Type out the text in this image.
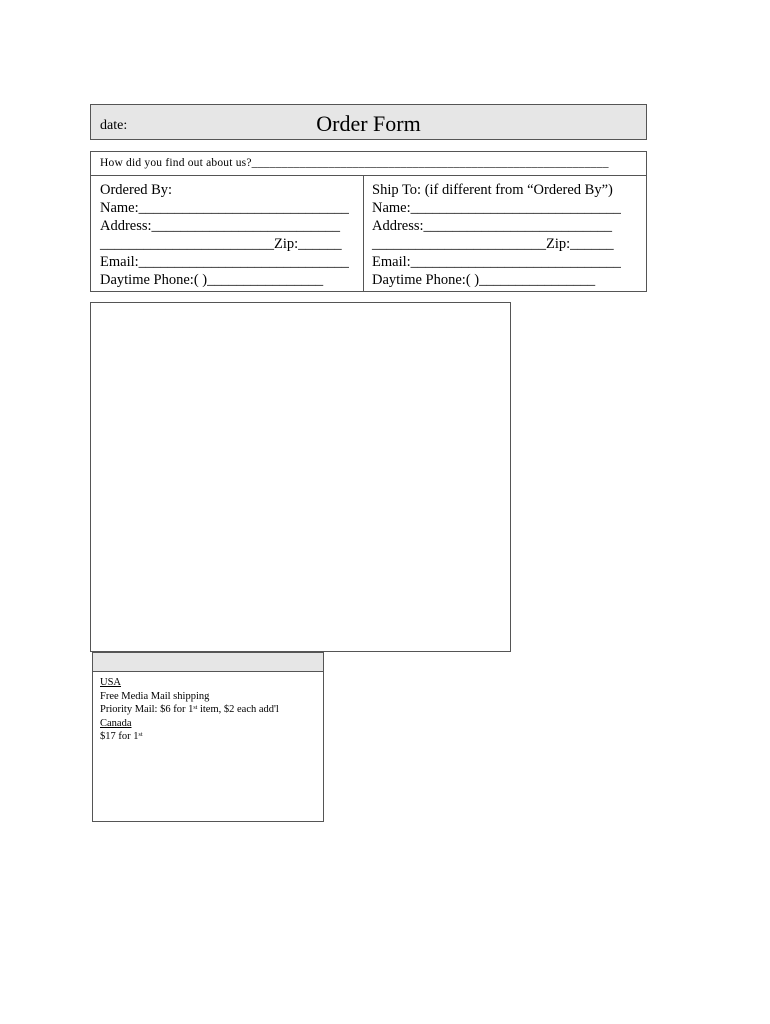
date:	Order Form
How did you find out about us?____________________________________________________________
Ordered By:
Name:_____________________________
Address:__________________________
________________________Zip:______
Email:_____________________________
Daytime Phone:( )________________
Ship To: (if different from “Ordered By”)
Name:_____________________________
Address:__________________________
________________________Zip:______
Email:_____________________________
Daytime Phone:( )________________
USA
Free Media Mail shipping
Priority Mail: $6 for 1st item, $2 each add'l
Canada
$17 for 1st
